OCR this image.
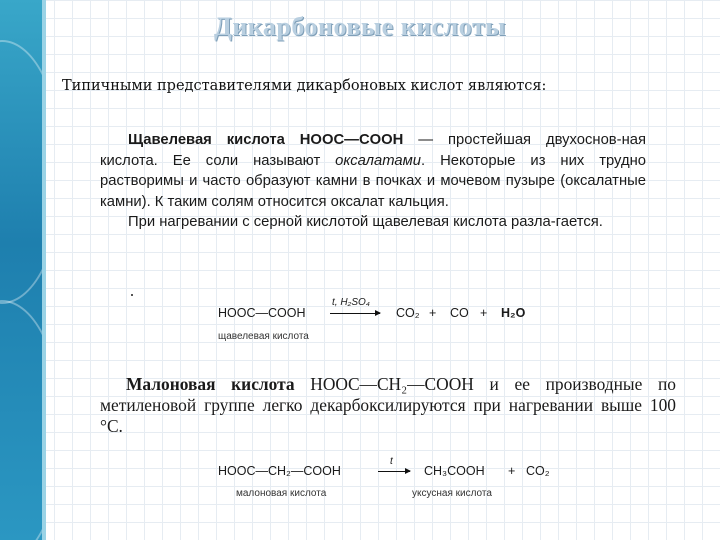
Дикарбоновые кислоты
Типичными представителями дикарбоновых кислот являются:
Щавелевая кислота HOOC—COOH — простейшая двухоснов-ная кислота. Ее соли называют оксалатами. Некоторые из них трудно растворимы и часто образуют камни в почках и мочевом пузыре (оксалатные камни). К таким солям относится оксалат кальция.
При нагревании с серной кислотой щавелевая кислота разла-гается.
HOOC—COOH
t, H₂SO₄
→ CO₂ + CO + H₂O
щавелевая кислота
Малоновая кислота HOOC—CH₂—COOH и ее производные по метиленовой группе легко декарбоксилируются при нагревании выше 100 °С.
HOOC—CH₂—COOH
t
→ CH₃COOH + CO₂
малоновая кислота	уксусная кислота
